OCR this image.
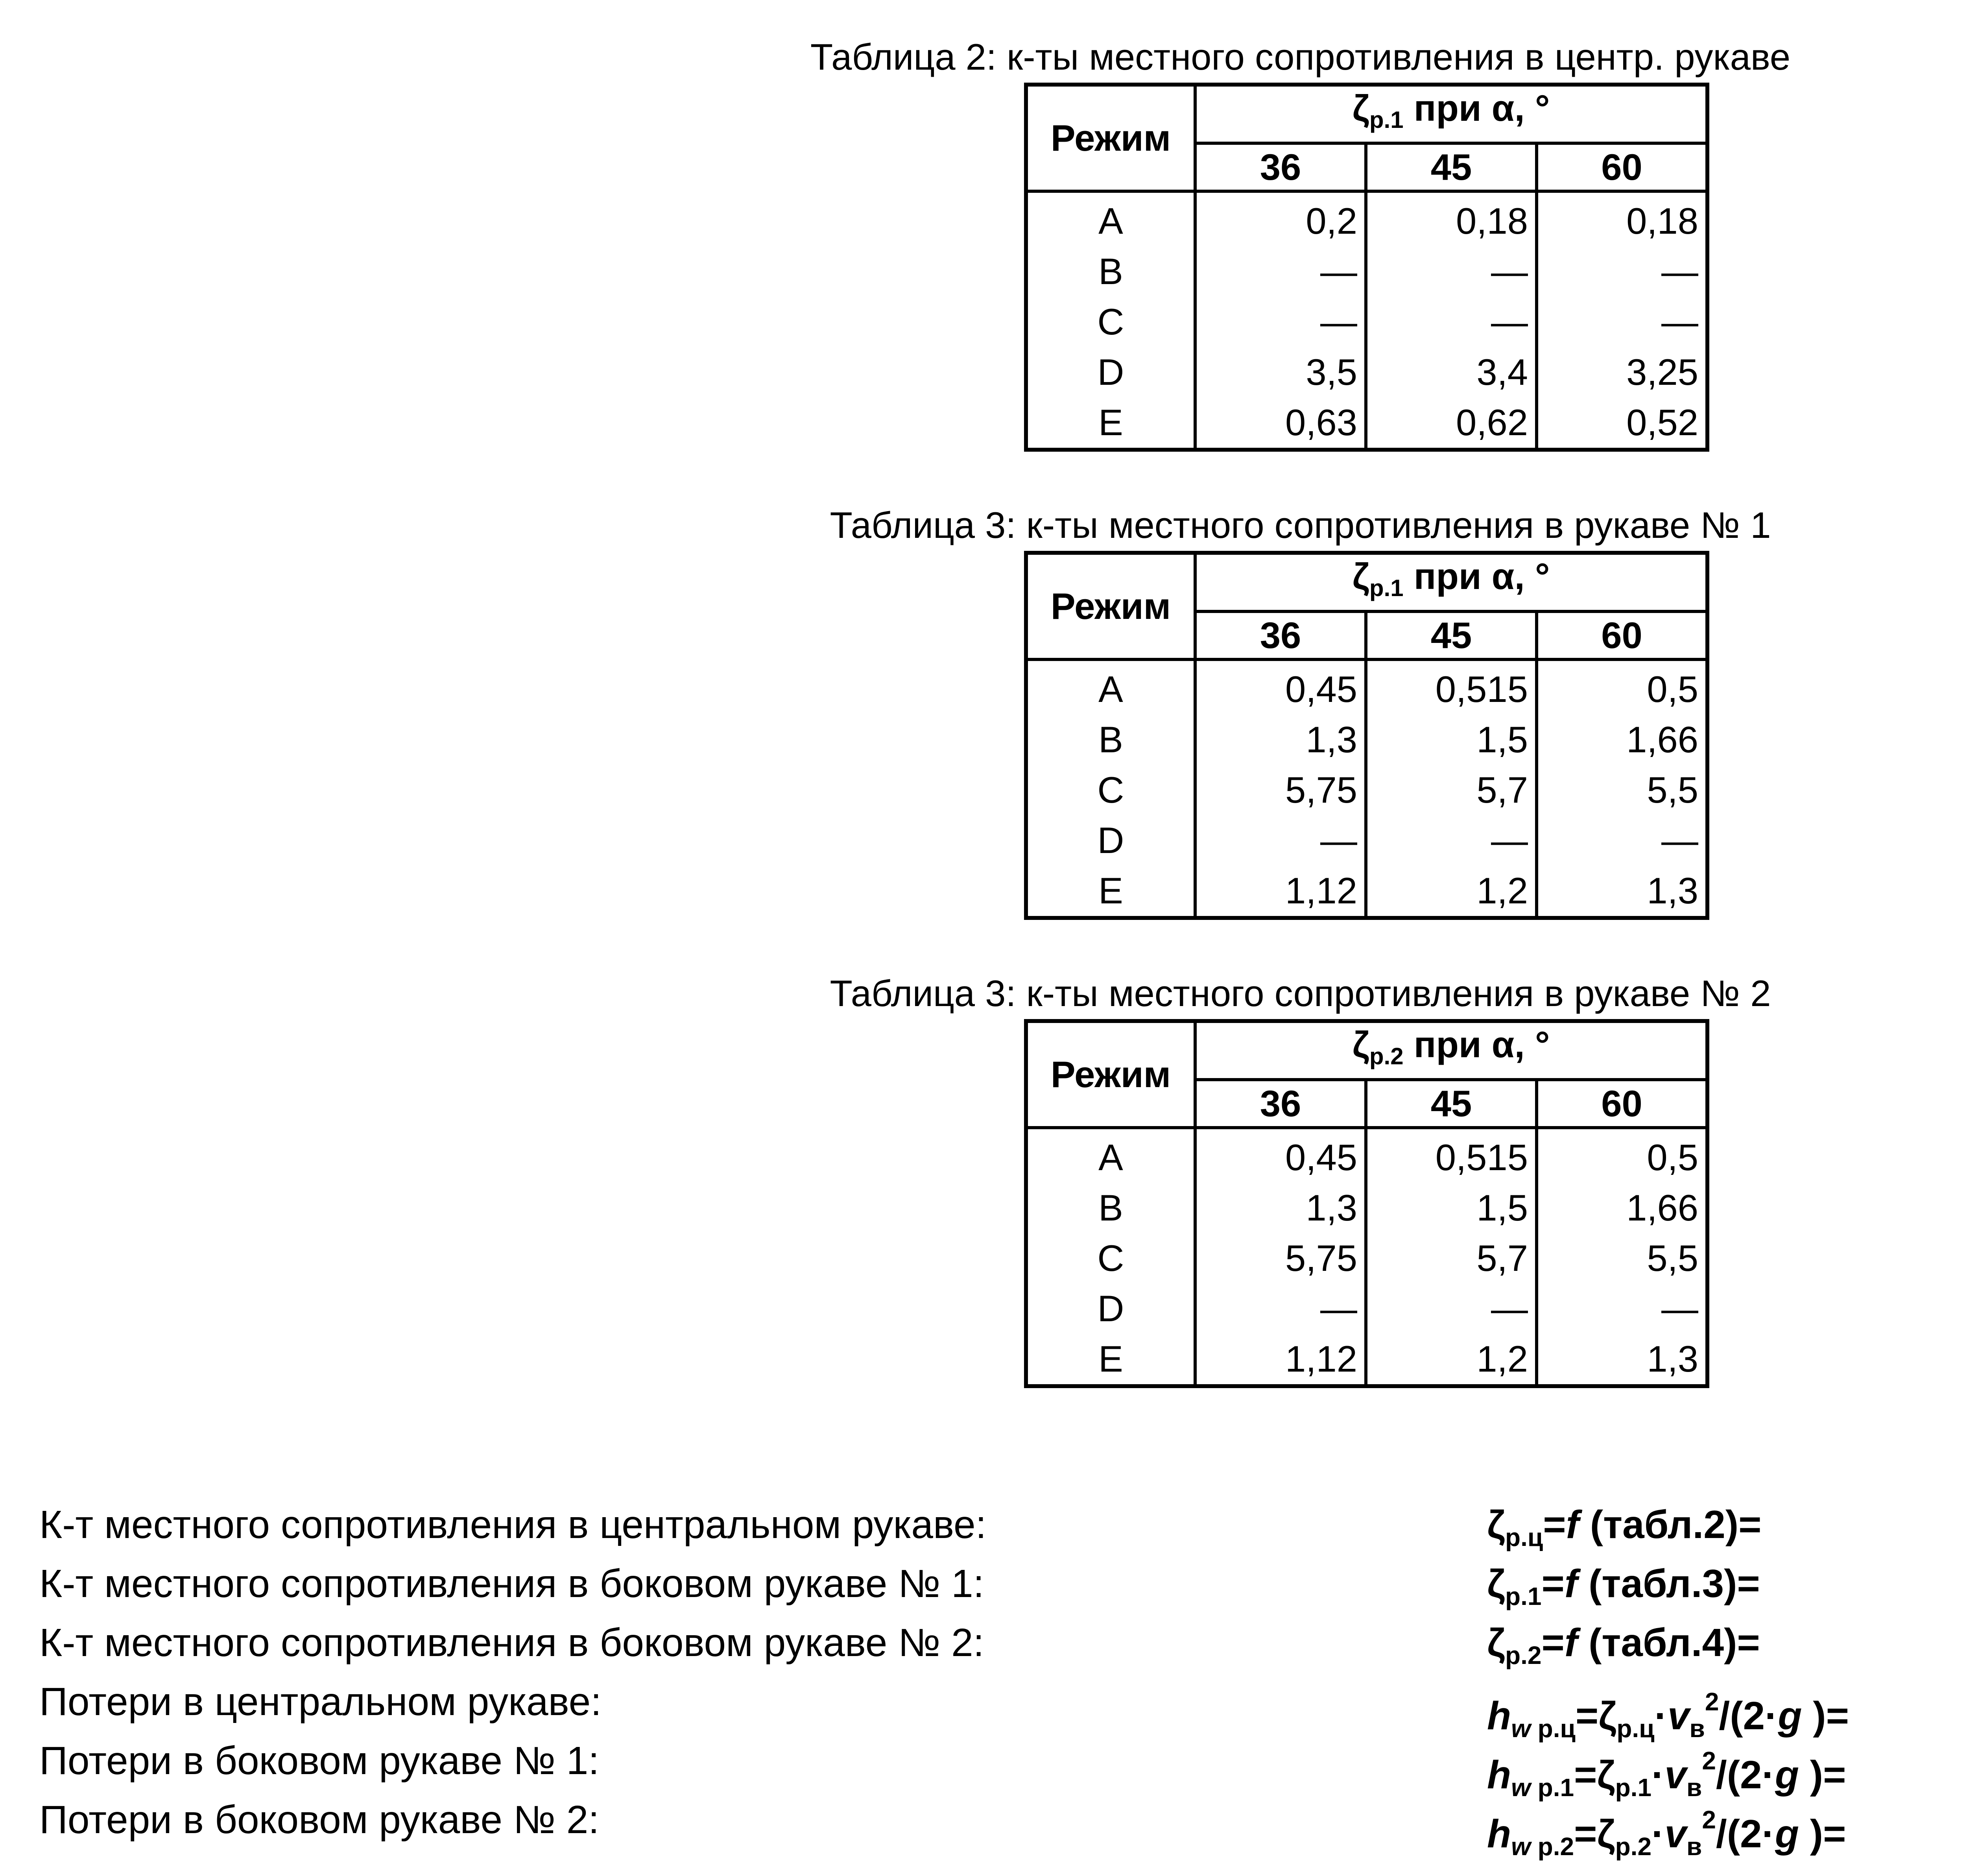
Таблица 2: к-ты местного сопротивления в центр. рукаве
Режим	$\zeta_{р.1}$ при α, °		
	36	45	60
A	0,2	0,18	0,18
B	—	—	—
C	—	—	—
D	3,5	3,4	3,25
E	0,63	0,62	0,52
Таблица 3: к-ты местного сопротивления в рукаве № 1
Режим	$\zeta_{р.1}$ при α, °		
	36	45	60
A	0,45	0,515	0,5
B	1,3	1,5	1,66
C	5,75	5,7	5,5
D	—	—	—
E	1,12	1,2	1,3
Таблица 3: к-ты местного сопротивления в рукаве № 2
Режим	$\zeta_{р.2}$ при α, °		
	36	45	60
A	0,45	0,515	0,5
B	1,3	1,5	1,66
C	5,75	5,7	5,5
D	—	—	—
E	1,12	1,2	1,3
К-т местного сопротивления в центральном рукаве:	$\zeta_{р.ц}=f$ (табл.2)=
К-т местного сопротивления в боковом рукаве № 1:	$\zeta_{р.1}=f$ (табл.3)=
К-т местного сопротивления в боковом рукаве № 2:	$\zeta_{р.2}=f$ (табл.4)=
Потери в центральном рукаве:	$h_{w р.ц}=\zeta_{р.ц}\cdot v_в^2/(2\cdot g$ )=
Потери в боковом рукаве № 1:	$h_{w р.1}=\zeta_{р.1}\cdot v_в^2/(2\cdot g$ )=
Потери в боковом рукаве № 2:	$h_{w р.2}=\zeta_{р.2}\cdot v_в^2/(2\cdot g$ )=
